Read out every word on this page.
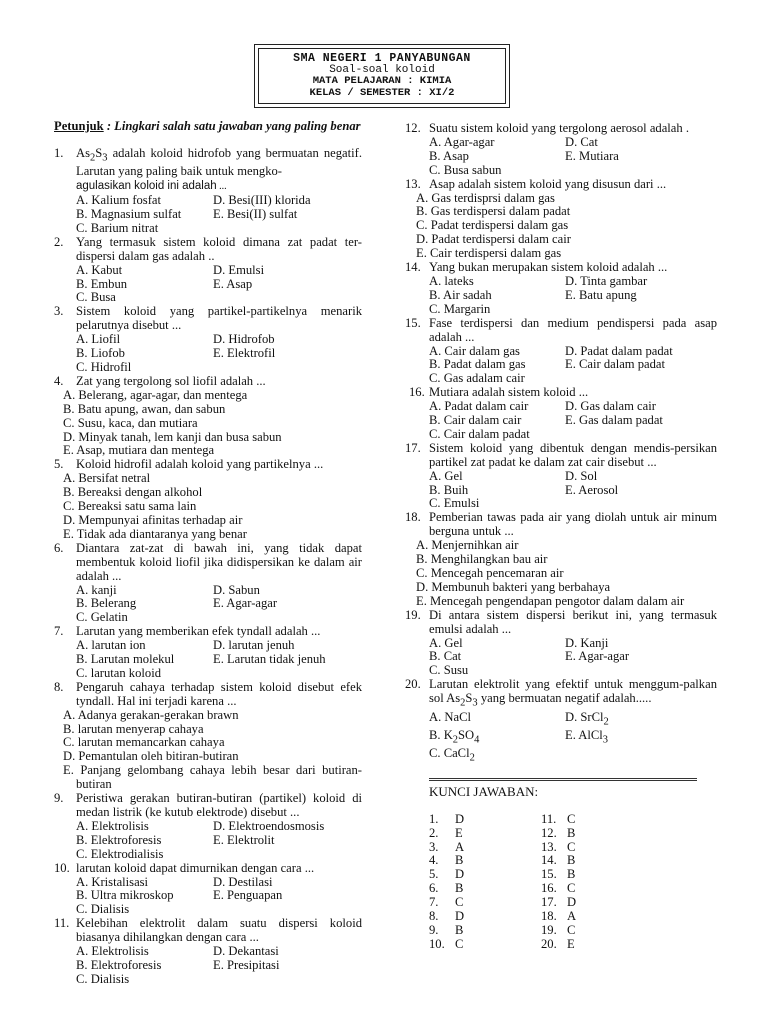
SMA NEGERI 1 PANYABUNGAN
Soal-soal koloid
MATA PELAJARAN : KIMIA
KELAS / SEMESTER : XI/2
Petunjuk : Lingkari salah satu jawaban yang paling benar
1. $As_2S_3$ adalah koloid hidrofob yang bermuatan negatif. Larutan yang paling baik untuk mengko-
agulasikan koloid ini adalah ...
A. Kalium fosfat	D. Besi(III) klorida
B. Magnasium sulfat	E. Besi(II) sulfat
C. Barium nitrat
2. Yang termasuk sistem koloid dimana zat padat ter-dispersi dalam gas adalah ..
A. Kabut	D. Emulsi
B. Embun	E. Asap
C. Busa
3. Sistem koloid yang partikel-partikelnya menarik pelarutnya disebut ...
A. Liofil	D. Hidrofob
B. Liofob	E. Elektrofil
C. Hidrofil
4. Zat yang tergolong sol liofil adalah ...
A. Belerang, agar-agar, dan mentega
B. Batu apung, awan, dan sabun
C. Susu, kaca, dan mutiara
D. Minyak tanah, lem kanji dan busa sabun
E. Asap, mutiara dan mentega
5. Koloid hidrofil adalah koloid yang partikelnya ...
A. Bersifat netral
B. Bereaksi dengan alkohol
C. Bereaksi satu sama lain
D. Mempunyai afinitas terhadap air
E. Tidak ada diantaranya yang benar
6. Diantara zat-zat di bawah ini, yang tidak dapat membentuk koloid liofil jika didispersikan ke dalam air adalah ...
A. kanji	D. Sabun
B. Belerang	E. Agar-agar
C. Gelatin
7. Larutan yang memberikan efek tyndall adalah ...
A. larutan ion	D. larutan jenuh
B. Larutan molekul	E. Larutan tidak jenuh
C. larutan koloid
8. Pengaruh cahaya terhadap sistem koloid disebut efek tyndall. Hal ini terjadi karena ...
A. Adanya gerakan-gerakan brawn
B. larutan menyerap cahaya
C. larutan memancarkan cahaya
D. Pemantulan oleh bitiran-butiran
E. Panjang gelombang cahaya lebih besar dari butiran-butiran
9. Peristiwa gerakan butiran-butiran (partikel) koloid di medan listrik (ke kutub elektrode) disebut ...
A. Elektrolisis	D. Elektroendosmosis
B. Elektroforesis	E. Elektrolit
C. Elektrodialisis
10. larutan koloid dapat dimurnikan dengan cara ...
A. Kristalisasi	D. Destilasi
B. Ultra mikroskop	E. Penguapan
C. Dialisis
11. Kelebihan elektrolit dalam suatu dispersi koloid biasanya dihilangkan dengan cara ...
A. Elektrolisis	D. Dekantasi
B. Elektroforesis	E. Presipitasi
C. Dialisis
12. Suatu sistem koloid yang tergolong aerosol adalah .
A. Agar-agar	D. Cat
B. Asap	E. Mutiara
C. Busa sabun
13. Asap adalah sistem koloid yang disusun dari ...
A. Gas terdisprsi dalam gas
B. Gas terdispersi dalam padat
C. Padat terdispersi dalam gas
D. Padat terdispersi dalam cair
E. Cair terdispersi dalam gas
14. Yang bukan merupakan sistem koloid adalah ...
A. lateks	D. Tinta gambar
B. Air sadah	E. Batu apung
C. Margarin
15. Fase terdispersi dan medium pendispersi pada asap adalah ...
A. Cair dalam gas	D. Padat dalam padat
B. Padat dalam gas	E. Cair dalam padat
C. Gas adalam cair
16. Mutiara adalah sistem koloid ...
A. Padat dalam cair	D. Gas dalam cair
B. Cair dalam cair	E. Gas dalam padat
C. Cair dalam padat
17. Sistem koloid yang dibentuk dengan mendis-persikan partikel zat padat ke dalam zat cair disebut ...
A. Gel	D. Sol
B. Buih	E. Aerosol
C. Emulsi
18. Pemberian tawas pada air yang diolah untuk air minum berguna untuk ...
A. Menjernihkan air
B. Menghilangkan bau air
C. Mencegah pencemaran air
D. Membunuh bakteri yang berbahaya
E. Mencegah pengendapan pengotor dalam dalam air
19. Di antara sistem dispersi berikut ini, yang termasuk emulsi adalah ...
A. Gel	D. Kanji
B. Cat	E. Agar-agar
C. Susu
20. Larutan elektrolit yang efektif untuk menggum-palkan sol $As_2S_3$ yang bermuatan negatif adalah.....
A. NaCl	D. SrCl$_2$
B. $K_2SO_4$	E. AlCl$_3$
C. CaCl$_2$
KUNCI JAWABAN:
1.	D
2.	E
3.	A
4.	B
5.	D
6.	B
7.	C
8.	D
9.	B
10. C
11. C
12. B
13. C
14. B
15. B
16. C
17. D
18. A
19. C
20. E
